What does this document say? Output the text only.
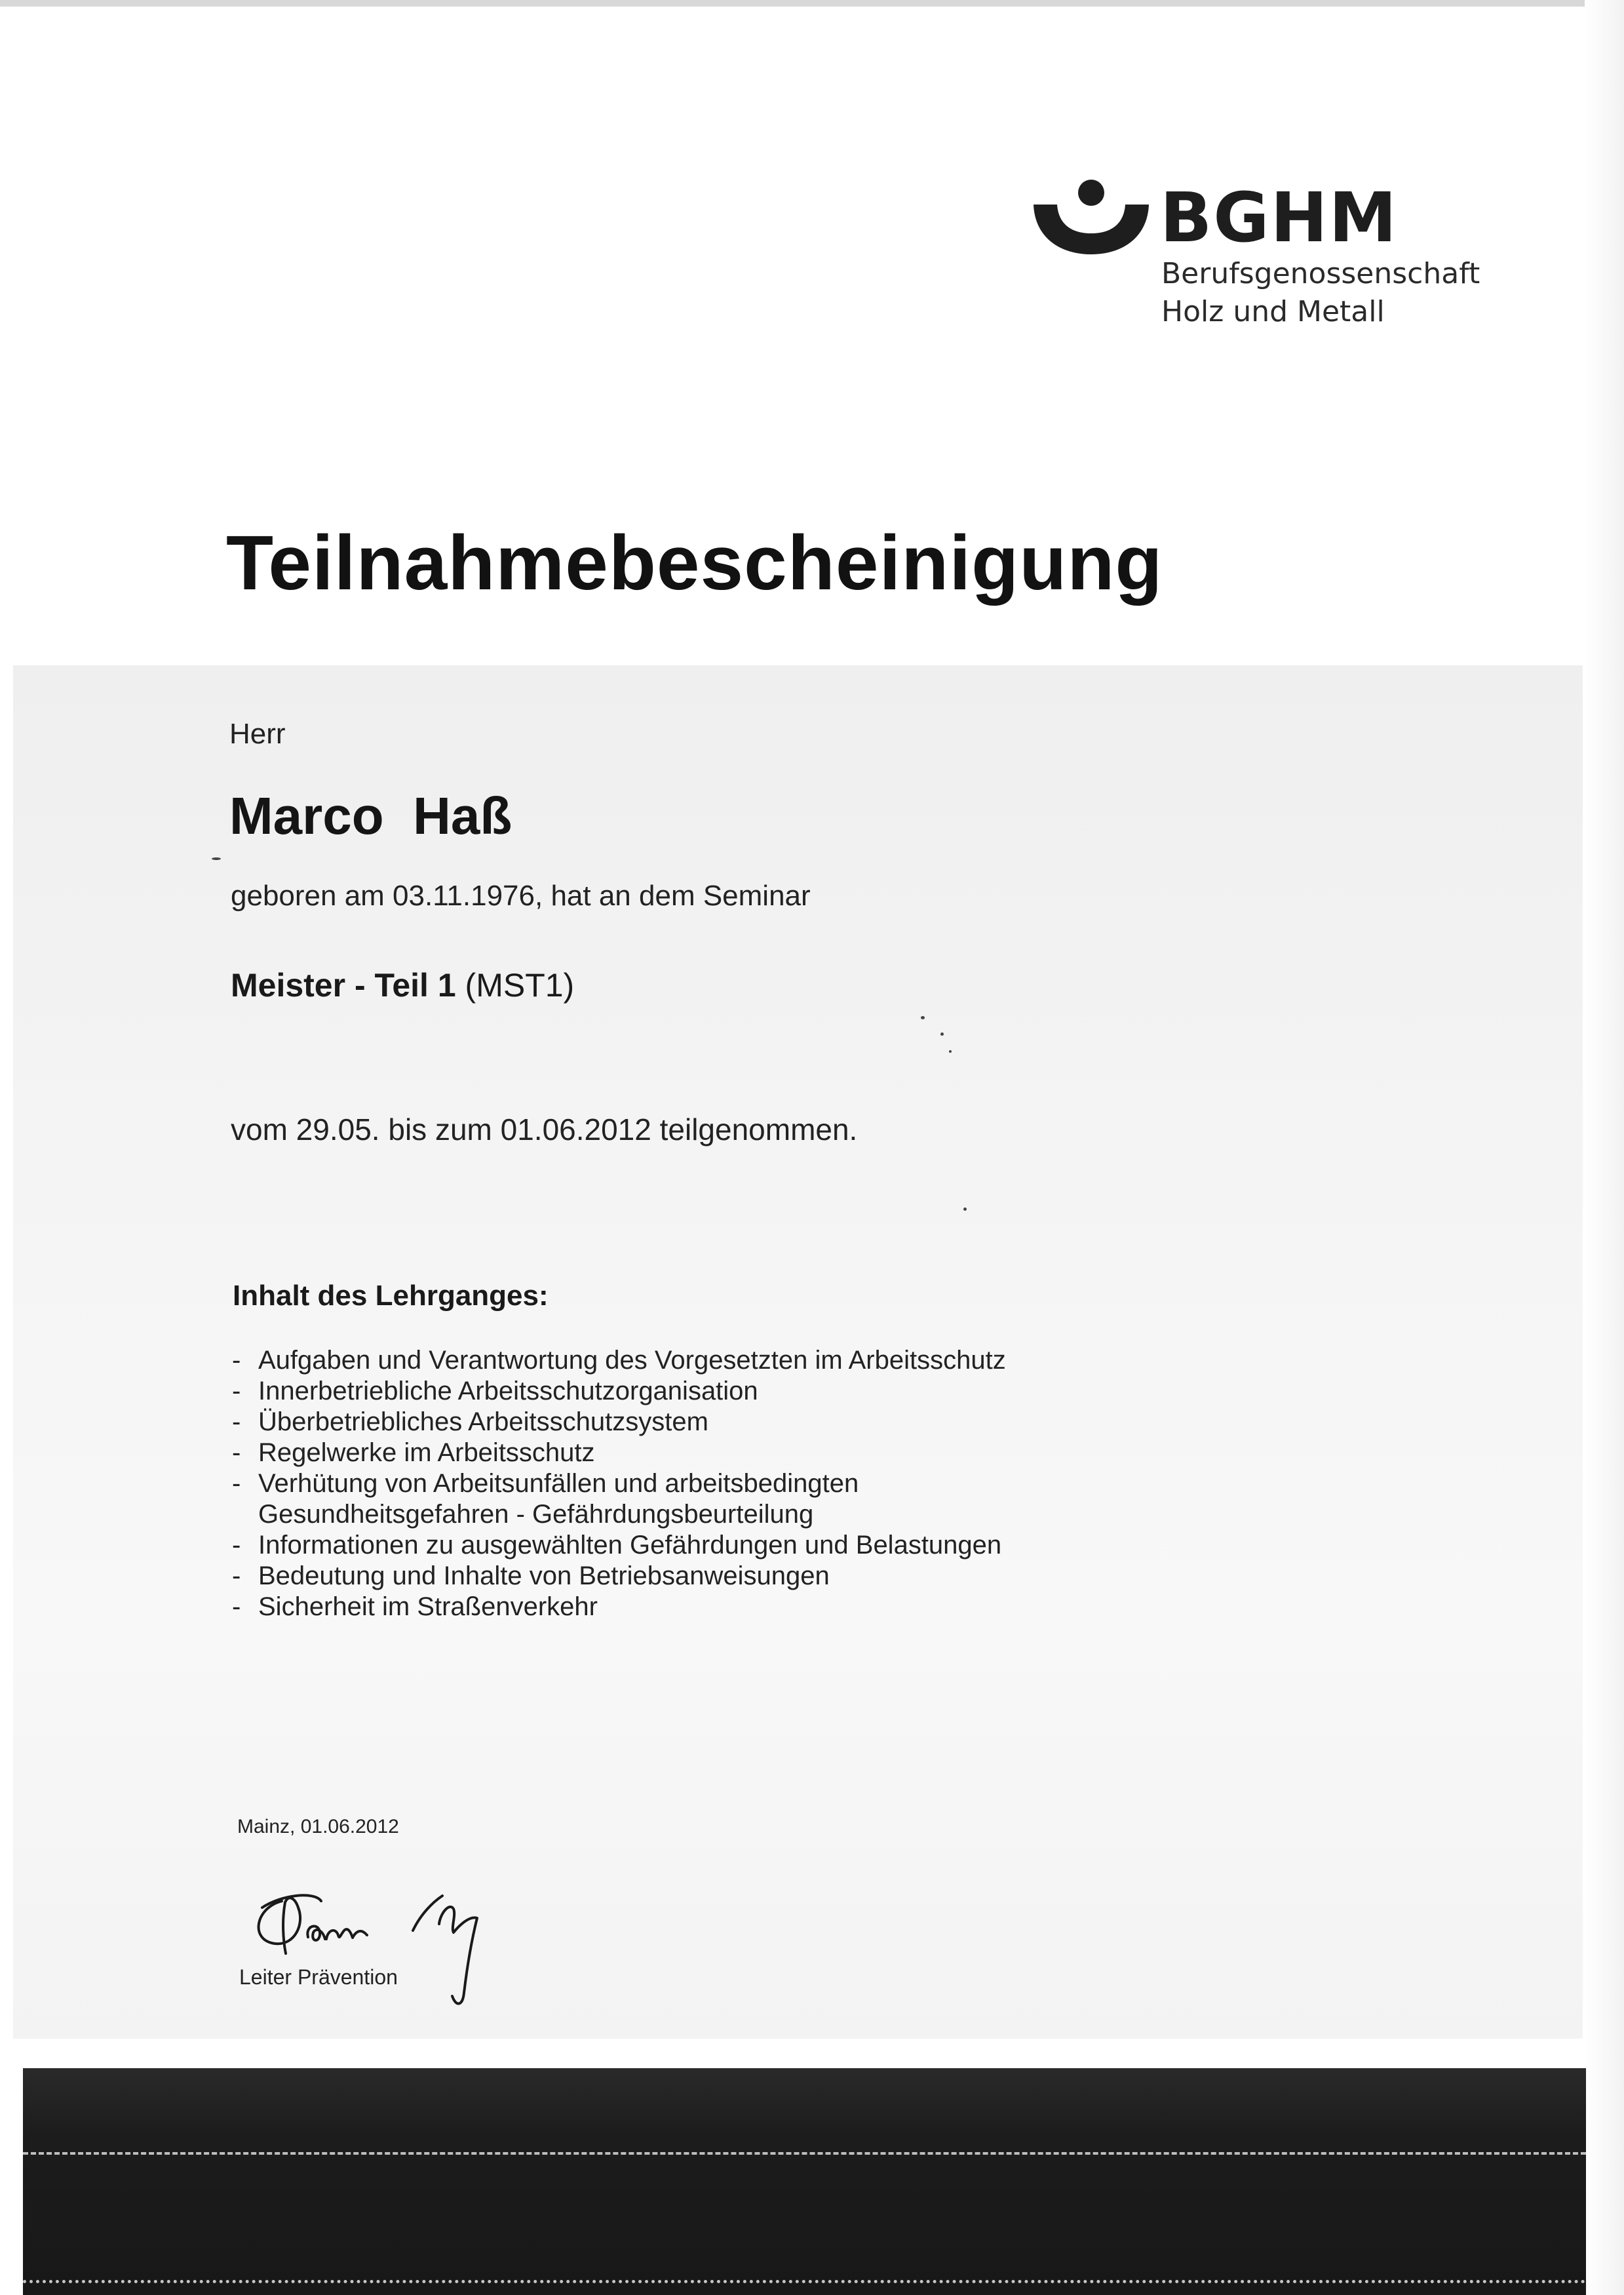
BGHM
Berufsgenossenschaft
Holz und Metall
Teilnahmebescheinigung
Herr
Marco  Haß
geboren am 03.11.1976, hat an dem Seminar
Meister - Teil 1 (MST1)
vom 29.05. bis zum 01.06.2012 teilgenommen.
Inhalt des Lehrganges:
- Aufgaben und Verantwortung des Vorgesetzten im Arbeitsschutz
- Innerbetriebliche Arbeitsschutzorganisation
- Überbetriebliches Arbeitsschutzsystem
- Regelwerke im Arbeitsschutz
- Verhütung von Arbeitsunfällen und arbeitsbedingten
Gesundheitsgefahren - Gefährdungsbeurteilung
- Informationen zu ausgewählten Gefährdungen und Belastungen
- Bedeutung und Inhalte von Betriebsanweisungen
- Sicherheit im Straßenverkehr
Mainz, 01.06.2012
Leiter Prävention
